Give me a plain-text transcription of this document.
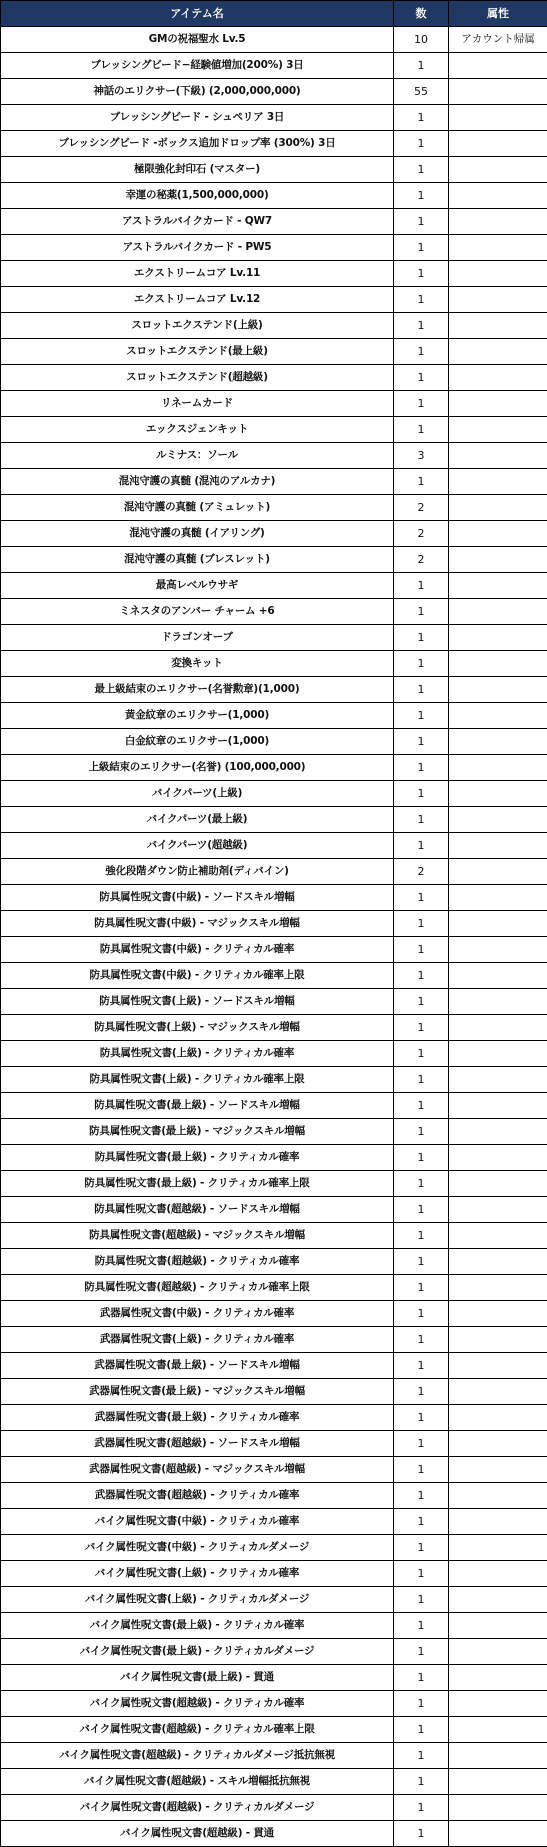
アイテム名	数	属性
GMの祝福聖水 Lv.5	10	アカウント帰属
ブレッシングビード−経験値増加(200%) 3日	1	
神話のエリクサー(下級) (2,000,000,000)	55	
ブレッシングビード - シュペリア 3日	1	
ブレッシングビード -ボックス追加ドロップ率 (300%) 3日	1	
極限強化封印石 (マスター)	1	
幸運の秘薬(1,500,000,000)	1	
アストラルバイクカード - QW7	1	
アストラルバイクカード - PW5	1	
エクストリームコア Lv.11	1	
エクストリームコア Lv.12	1	
スロットエクステンド(上級)	1	
スロットエクステンド(最上級)	1	
スロットエクステンド(超越級)	1	
リネームカード	1	
エックスジェンキット	1	
ルミナス：ソール	3	
混沌守護の真髄 (混沌のアルカナ)	1	
混沌守護の真髄 (アミュレット)	2	
混沌守護の真髄 (イアリング)	2	
混沌守護の真髄 (ブレスレット)	2	
最高レベルウサギ	1	
ミネスタのアンバー チャーム +6	1	
ドラゴンオーブ	1	
変換キット	1	
最上級結束のエリクサー(名誉勲章)(1,000)	1	
黄金紋章のエリクサー(1,000)	1	
白金紋章のエリクサー(1,000)	1	
上級結束のエリクサー(名誉) (100,000,000)	1	
バイクパーツ(上級)	1	
バイクパーツ(最上級)	1	
バイクパーツ(超越級)	1	
強化段階ダウン防止補助剤(ディバイン)	2	
防具属性呪文書(中級) - ソードスキル増幅	1	
防具属性呪文書(中級) - マジックスキル増幅	1	
防具属性呪文書(中級) - クリティカル確率	1	
防具属性呪文書(中級) - クリティカル確率上限	1	
防具属性呪文書(上級) - ソードスキル増幅	1	
防具属性呪文書(上級) - マジックスキル増幅	1	
防具属性呪文書(上級) - クリティカル確率	1	
防具属性呪文書(上級) - クリティカル確率上限	1	
防具属性呪文書(最上級) - ソードスキル増幅	1	
防具属性呪文書(最上級) - マジックスキル増幅	1	
防具属性呪文書(最上級) - クリティカル確率	1	
防具属性呪文書(最上級) - クリティカル確率上限	1	
防具属性呪文書(超越級) - ソードスキル増幅	1	
防具属性呪文書(超越級) - マジックスキル増幅	1	
防具属性呪文書(超越級) - クリティカル確率	1	
防具属性呪文書(超越級) - クリティカル確率上限	1	
武器属性呪文書(中級) - クリティカル確率	1	
武器属性呪文書(上級) - クリティカル確率	1	
武器属性呪文書(最上級) - ソードスキル増幅	1	
武器属性呪文書(最上級) - マジックスキル増幅	1	
武器属性呪文書(最上級) - クリティカル確率	1	
武器属性呪文書(超越級) - ソードスキル増幅	1	
武器属性呪文書(超越級) - マジックスキル増幅	1	
武器属性呪文書(超越級) - クリティカル確率	1	
バイク属性呪文書(中級) - クリティカル確率	1	
バイク属性呪文書(中級) - クリティカルダメージ	1	
バイク属性呪文書(上級) - クリティカル確率	1	
バイク属性呪文書(上級) - クリティカルダメージ	1	
バイク属性呪文書(最上級) - クリティカル確率	1	
バイク属性呪文書(最上級) - クリティカルダメージ	1	
バイク属性呪文書(最上級) - 貫通	1	
バイク属性呪文書(超越級) - クリティカル確率	1	
バイク属性呪文書(超越級) - クリティカル確率上限	1	
バイク属性呪文書(超越級) - クリティカルダメージ抵抗無視	1	
バイク属性呪文書(超越級) - スキル増幅抵抗無視	1	
バイク属性呪文書(超越級) - クリティカルダメージ	1	
バイク属性呪文書(超越級) - 貫通	1	
